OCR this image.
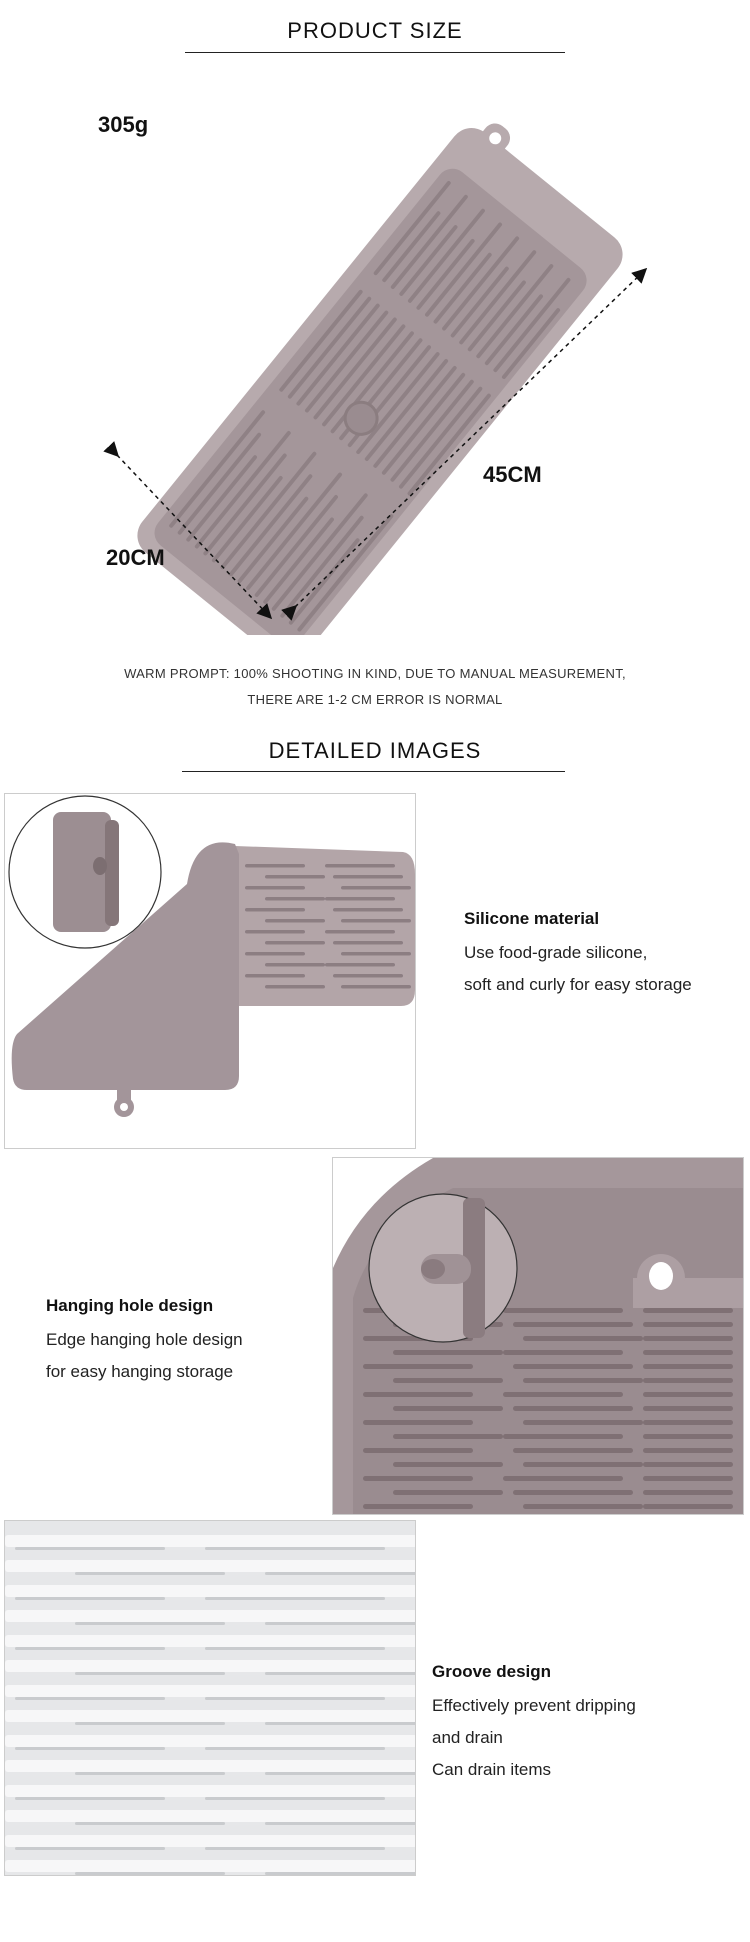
PRODUCT SIZE
305g
20CM
45CM
WARM PROMPT: 100% SHOOTING IN KIND, DUE TO MANUAL MEASUREMENT,
THERE ARE 1-2 CM ERROR IS NORMAL
DETAILED IMAGES
Silicone material
Use food-grade silicone,
soft and curly for easy storage
Hanging hole design
Edge hanging hole design
for easy hanging storage
Groove design
Effectively prevent dripping
and drain
Can drain items
